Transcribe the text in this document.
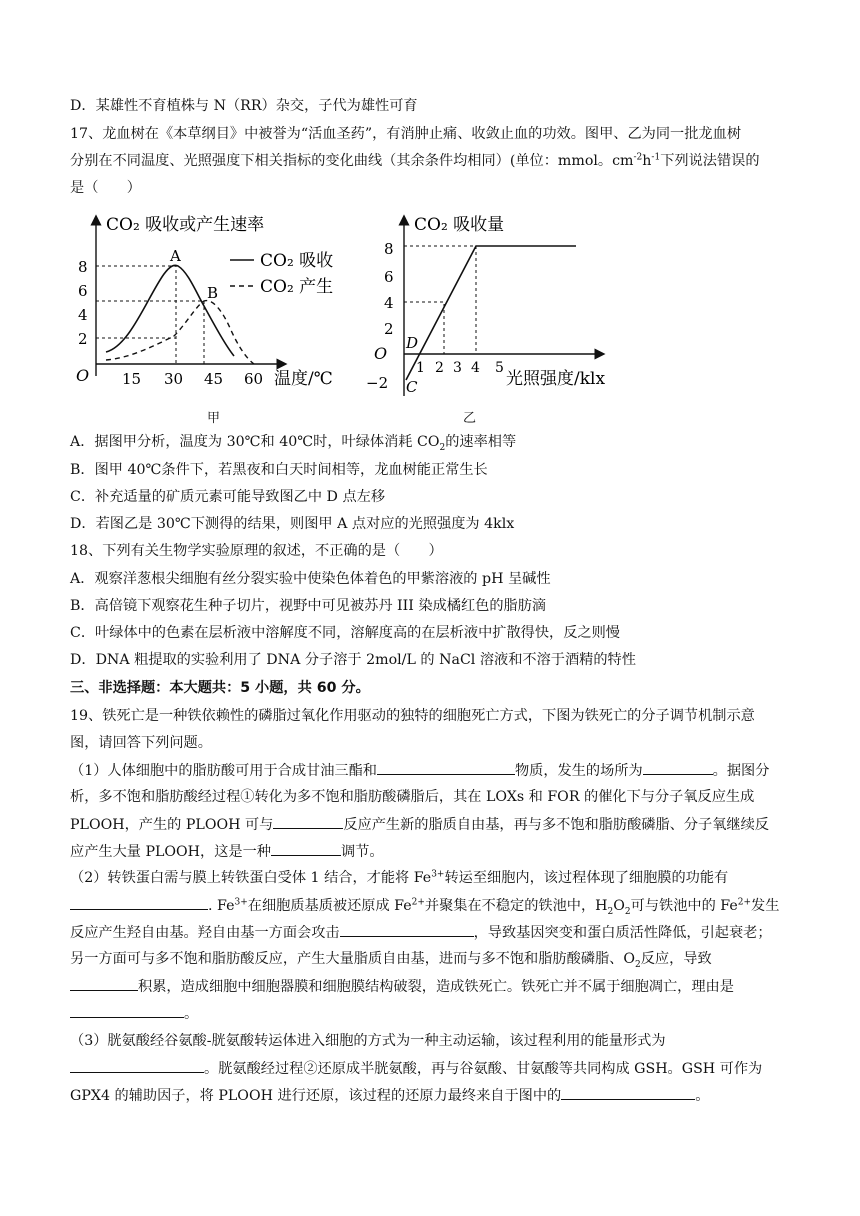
D．某雄性不育植株与 N（RR）杂交，子代为雄性可育
17、龙血树在《本草纲目》中被誉为“活血圣药”，有消肿止痛、收敛止血的功效。图甲、乙为同一批龙血树
分别在不同温度、光照强度下相关指标的变化曲线（其余条件均相同）(单位：mmol。$cm^{-2}h^{-1}$下列说法错误的
是（　　）
CO₂ 吸收或产生速率
温度/℃
O
2
4
6
8
15 30 45 60
A
B
CO₂ 吸收
CO₂ 产生
甲
CO₂ 吸收量
光照强度/klx
O
−2
2
4
6
8
1 2 3 4 5
D
C
乙
A．据图甲分析，温度为 30℃和 40℃时，叶绿体消耗 $CO_2$的速率相等
B．图甲 40℃条件下，若黑夜和白天时间相等，龙血树能正常生长
C．补充适量的矿质元素可能导致图乙中 D 点左移
D．若图乙是 30℃下测得的结果，则图甲 A 点对应的光照强度为 4klx
18、下列有关生物学实验原理的叙述，不正确的是（　　）
A．观察洋葱根尖细胞有丝分裂实验中使染色体着色的甲紫溶液的 pH 呈碱性
B．高倍镜下观察花生种子切片，视野中可见被苏丹 III 染成橘红色的脂肪滴
C．叶绿体中的色素在层析液中溶解度不同，溶解度高的在层析液中扩散得快，反之则慢
D．DNA 粗提取的实验利用了 DNA 分子溶于 2mol/L 的 NaCl 溶液和不溶于酒精的特性
三、非选择题：本大题共：5 小题，共 60 分。
19、铁死亡是一种铁依赖性的磷脂过氧化作用驱动的独特的细胞死亡方式，下图为铁死亡的分子调节机制示意
图，请回答下列问题。
（1）人体细胞中的脂肪酸可用于合成甘油三酯和	物质，发生的场所为	。据图分
析，多不饱和脂肪酸经过程①转化为多不饱和脂肪酸磷脂后，其在 LOXs 和 FOR 的催化下与分子氧反应生成
PLOOH，产生的 PLOOH 可与	反应产生新的脂质自由基，再与多不饱和脂肪酸磷脂、分子氧继续反
应产生大量 PLOOH，这是一种	调节。
（2）转铁蛋白需与膜上转铁蛋白受体 1 结合，才能将 $Fe^{3+}$转运至细胞内，该过程体现了细胞膜的功能有
. $Fe^{3+}$在细胞质基质被还原成 $Fe^{2+}$并聚集在不稳定的铁池中，$H_2O_2$可与铁池中的 $Fe^{2+}$发生
反应产生羟自由基。羟自由基一方面会攻击	，导致基因突变和蛋白质活性降低，引起衰老；
另一方面可与多不饱和脂肪酸反应，产生大量脂质自由基，进而与多不饱和脂肪酸磷脂、$O_2$反应，导致
积累，造成细胞中细胞器膜和细胞膜结构破裂，造成铁死亡。铁死亡并不属于细胞凋亡，理由是
。
（3）胱氨酸经谷氨酸-胱氨酸转运体进入细胞的方式为一种主动运输，该过程利用的能量形式为
。胱氨酸经过程②还原成半胱氨酸，再与谷氨酸、甘氨酸等共同构成 GSH。GSH 可作为
GPX4 的辅助因子，将 PLOOH 进行还原，该过程的还原力最终来自于图中的	。
